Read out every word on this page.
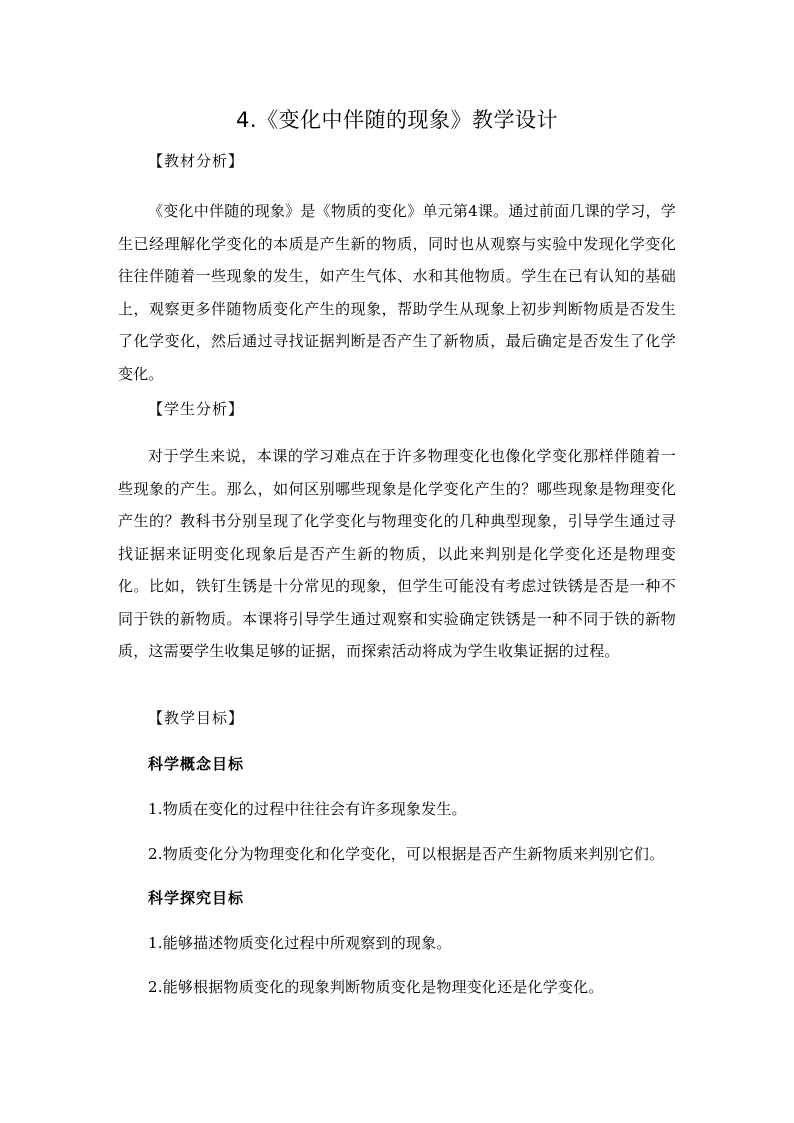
4.《变化中伴随的现象》教学设计
【教材分析】

《变化中伴随的现象》是《物质的变化》单元第4课。通过前面几课的学习，学生已经理解化学变化的本质是产生新的物质，同时也从观察与实验中发现化学变化往往伴随着一些现象的发生，如产生气体、水和其他物质。学生在已有认知的基础上，观察更多伴随物质变化产生的现象，帮助学生从现象上初步判断物质是否发生了化学变化，然后通过寻找证据判断是否产生了新物质，最后确定是否发生了化学变化。

【学生分析】

对于学生来说，本课的学习难点在于许多物理变化也像化学变化那样伴随着一些现象的产生。那么，如何区别哪些现象是化学变化产生的？哪些现象是物理变化产生的？教科书分别呈现了化学变化与物理变化的几种典型现象，引导学生通过寻找证据来证明变化现象后是否产生新的物质，以此来判别是化学变化还是物理变化。比如，铁钉生锈是十分常见的现象，但学生可能没有考虑过铁锈是否是一种不同于铁的新物质。本课将引导学生通过观察和实验确定铁锈是一种不同于铁的新物质，这需要学生收集足够的证据，而探索活动将成为学生收集证据的过程。

【教学目标】
科学概念目标

1.物质在变化的过程中往往会有许多现象发生。

2.物质变化分为物理变化和化学变化，可以根据是否产生新物质来判别它们。

科学探究目标

1.能够描述物质变化过程中所观察到的现象。

2.能够根据物质变化的现象判断物质变化是物理变化还是化学变化。
